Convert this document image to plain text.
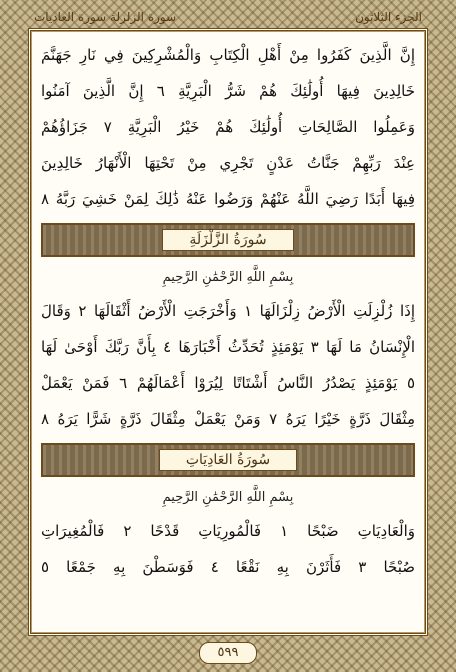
الجزء الثلاثون
سورة الزلزلة سورة العاديات
إِنَّ الَّذِينَ كَفَرُوا مِنْ أَهْلِ الْكِتَابِ وَالْمُشْرِكِينَ فِي نَارِ جَهَنَّمَ
خَالِدِينَ فِيهَا أُولَٰئِكَ هُمْ شَرُّ الْبَرِيَّةِ ٦ إِنَّ الَّذِينَ آمَنُوا
وَعَمِلُوا الصَّالِحَاتِ أُولَٰئِكَ هُمْ خَيْرُ الْبَرِيَّةِ ٧ جَزَاؤُهُمْ
عِنْدَ رَبِّهِمْ جَنَّاتُ عَدْنٍ تَجْرِي مِنْ تَحْتِهَا الْأَنْهَارُ خَالِدِينَ
فِيهَا أَبَدًا رَضِيَ اللَّهُ عَنْهُمْ وَرَضُوا عَنْهُ ذَٰلِكَ لِمَنْ خَشِيَ رَبَّهُ ٨
سُورَةُ الزَّلْزَلَةِ
بِسْمِ اللَّهِ الرَّحْمَٰنِ الرَّحِيمِ
إِذَا زُلْزِلَتِ الْأَرْضُ زِلْزَالَهَا ١ وَأَخْرَجَتِ الْأَرْضُ أَثْقَالَهَا ٢ وَقَالَ
الْإِنْسَانُ مَا لَهَا ٣ يَوْمَئِذٍ تُحَدِّثُ أَخْبَارَهَا ٤ بِأَنَّ رَبَّكَ أَوْحَىٰ لَهَا
٥ يَوْمَئِذٍ يَصْدُرُ النَّاسُ أَشْتَاتًا لِيُرَوْا أَعْمَالَهُمْ ٦ فَمَنْ يَعْمَلْ
مِثْقَالَ ذَرَّةٍ خَيْرًا يَرَهُ ٧ وَمَنْ يَعْمَلْ مِثْقَالَ ذَرَّةٍ شَرًّا يَرَهُ ٨
سُورَةُ العَادِيَاتِ
بِسْمِ اللَّهِ الرَّحْمَٰنِ الرَّحِيمِ
وَالْعَادِيَاتِ ضَبْحًا ١ فَالْمُورِيَاتِ قَدْحًا ٢ فَالْمُغِيرَاتِ
صُبْحًا ٣ فَأَثَرْنَ بِهِ نَقْعًا ٤ فَوَسَطْنَ بِهِ جَمْعًا ٥
٥٩٩
